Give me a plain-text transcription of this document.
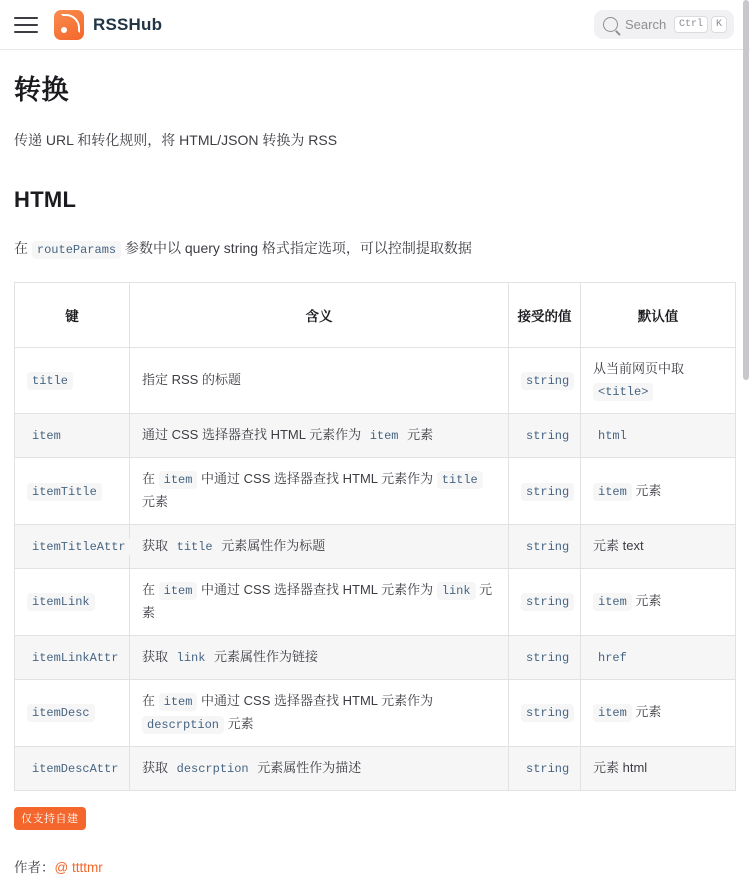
RSSHub	Search	Ctrl	K
转换

传递 URL 和转化规则，将 HTML/JSON 转换为 RSS

HTML

在 routeParams 参数中以 query string 格式指定选项，可以控制提取数据

键	含义	接受的值	默认值
title	指定 RSS 的标题	string	从当前网页中取 <title>
item	通过 CSS 选择器查找 HTML 元素作为 item 元素	string	html
itemTitle	在 item 中通过 CSS 选择器查找 HTML 元素作为 title 元素	string	item 元素
itemTitleAttr	获取 title 元素属性作为标题	string	元素 text
itemLink	在 item 中通过 CSS 选择器查找 HTML 元素作为 link 元素	string	item 元素
itemLinkAttr	获取 link 元素属性作为链接	string	href
itemDesc	在 item 中通过 CSS 选择器查找 HTML 元素作为 descrption 元素	string	item 元素
itemDescAttr	获取 descrption 元素属性作为描述	string	元素 html
仅支持自建
作者：@ ttttmr
